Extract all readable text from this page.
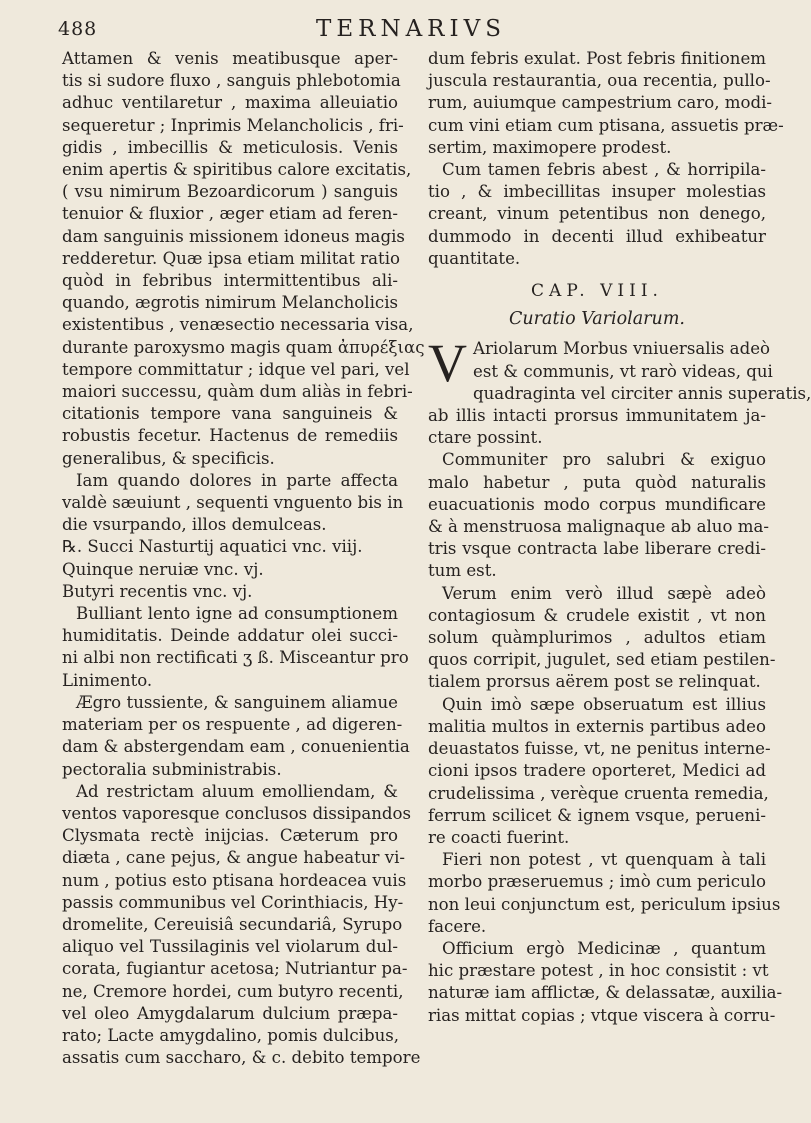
488	TERNARIVS
Attamen & venis meatibusque aper-
tis si sudore fluxo , sanguis phlebotomia
adhuc ventilaretur , maxima alleuiatio
sequeretur ; Inprimis Melancholicis , fri-
gidis , imbecillis & meticulosis. Venis
enim apertis & spiritibus calore excitatis,
( vsu nimirum Bezoardicorum ) sanguis
tenuior & fluxior , æger etiam ad feren-
dam sanguinis missionem idoneus magis
redderetur. Quæ ipsa etiam militat ratio
quòd in febribus intermittentibus ali-
quando, ægrotis nimirum Melancholicis
existentibus , venæsectio necessaria visa,
durante paroxysmo magis quam ἀπυρέξιας
tempore committatur ; idque vel pari, vel
maiori successu, quàm dum aliàs in febri-
citationis tempore vana sanguineis &
robustis fecetur. Hactenus de remediis
generalibus, & specificis.
Iam quando dolores in parte affecta
valdè sæuiunt , sequenti vnguento bis in
die vsurpando, illos demulceas.
℞. Succi Nasturtij aquatici vnc. viij.
Quinque neruiæ vnc. vj.
Butyri recentis vnc. vj.
Bulliant lento igne ad consumptionem
humiditatis. Deinde addatur olei succi-
ni albi non rectificati ʒ ß. Misceantur pro
Linimento.
Ægro tussiente, & sanguinem aliamue
materiam per os respuente , ad digeren-
dam & abstergendam eam , conuenientia
pectoralia subministrabis.
Ad restrictam aluum emolliendam, &
ventos vaporesque conclusos dissipandos
Clysmata rectè inijcias. Cæterum pro
diæta , cane pejus, & angue habeatur vi-
num , potius esto ptisana hordeacea vuis
passis communibus vel Corinthiacis, Hy-
dromelite, Cereuisiâ secundariâ, Syrupo
aliquo vel Tussilaginis vel violarum dul-
corata, fugiantur acetosa; Nutriantur pa-
ne, Cremore hordei, cum butyro recenti,
vel oleo Amygdalarum dulcium præpa-
rato; Lacte amygdalino, pomis dulcibus,
assatis cum saccharo, & c. debito tempore
dum febris exulat. Post febris finitionem
jusculа restaurantia, oua recentia, pullo-
rum, auiumque campestrium caro, modi-
cum vini etiam cum ptisana, assuetis præ-
sertim, maximopere prodest.
Cum tamen febris abest , & horripila-
tio , & imbecillitas insuper molestias
creant, vinum petentibus non denego,
dummodo in decenti illud exhibeatur
quantitate.
CAP. VIII.
Curatio Variolarum.
V Ariolarum Morbus vniuersalis adeò
est & communis, vt rarò videas, qui
quadraginta vel circiter annis superatis,
ab illis intacti prorsus immunitatem ja-
ctare possint.
Communiter pro salubri & exiguo
malo habetur , puta quòd naturalis
euacuationis modo corpus mundificare
& à menstruosa malignaque ab aluo ma-
tris vsque contracta labe liberare credi-
tum est.
Verum enim verò illud sæpè adeò
contagiosum & crudele existit , vt non
solum quàmplurimos , adultos etiam
quos corripit, jugulet, sed etiam pestilen-
tialem prorsus aërem post se relinquat.
Quin imò sæpe obseruatum est illius
malitia multos in externis partibus adeo
deuastatos fuisse, vt, ne penitus interne-
cioni ipsos tradere oporteret, Medici ad
crudelissima , verèque cruenta remedia,
ferrum scilicet & ignem vsque, perueni-
re coacti fuerint.
Fieri non potest , vt quenquam à tali
morbo præseruemus ; imò cum periculo
non leui conjunctum est, periculum ipsius
facere.
Officium ergò Medicinæ , quantum
hic præstare potest , in hoc consistit : vt
naturæ iam afflictæ, & delassatæ, auxilia-
rias mittat copias ; vtque viscera à corru-
